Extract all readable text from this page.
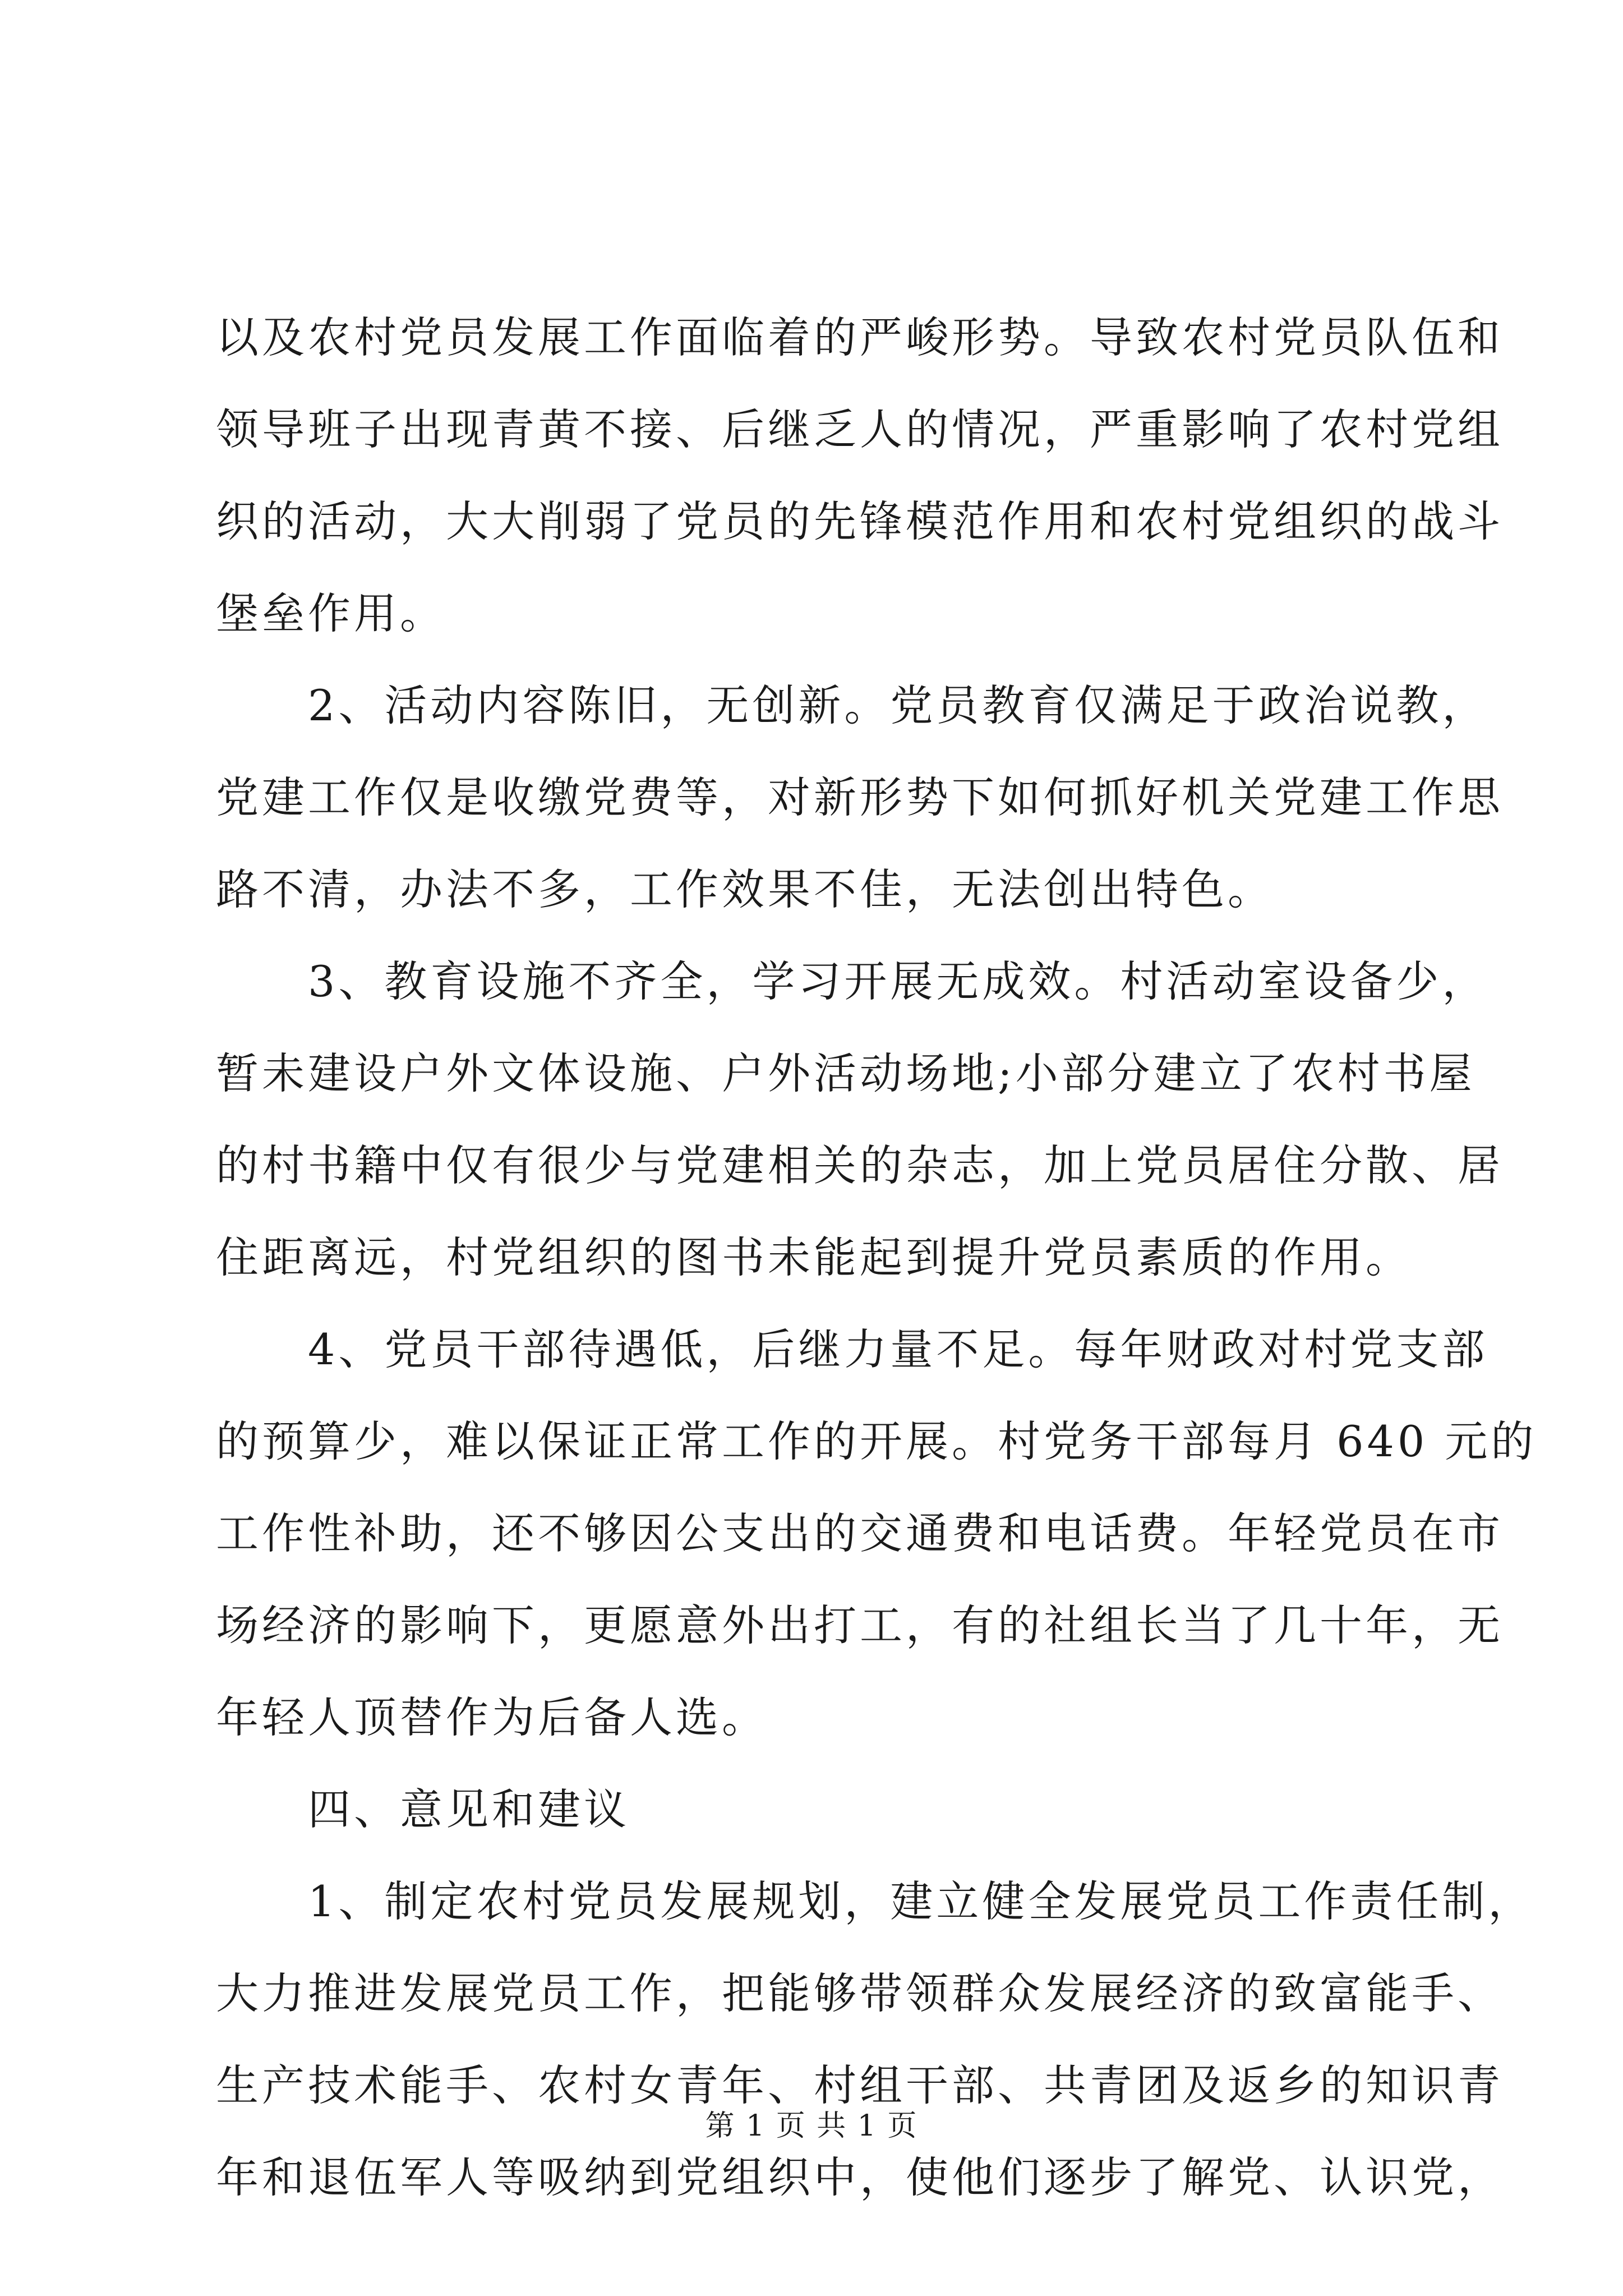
以及农村党员发展工作面临着的严峻形势。导致农村党员队伍和
领导班子出现青黄不接、后继乏人的情况，严重影响了农村党组
织的活动，大大削弱了党员的先锋模范作用和农村党组织的战斗
堡垒作用。
2、活动内容陈旧，无创新。党员教育仅满足于政治说教，
党建工作仅是收缴党费等，对新形势下如何抓好机关党建工作思
路不清，办法不多，工作效果不佳，无法创出特色。
3、教育设施不齐全，学习开展无成效。村活动室设备少，
暂未建设户外文体设施、户外活动场地;小部分建立了农村书屋
的村书籍中仅有很少与党建相关的杂志，加上党员居住分散、居
住距离远，村党组织的图书未能起到提升党员素质的作用。
4、党员干部待遇低，后继力量不足。每年财政对村党支部
的预算少，难以保证正常工作的开展。村党务干部每月 640 元的
工作性补助，还不够因公支出的交通费和电话费。年轻党员在市
场经济的影响下，更愿意外出打工，有的社组长当了几十年，无
年轻人顶替作为后备人选。
四、意见和建议
1、制定农村党员发展规划，建立健全发展党员工作责任制，
大力推进发展党员工作，把能够带领群众发展经济的致富能手、
生产技术能手、农村女青年、村组干部、共青团及返乡的知识青
年和退伍军人等吸纳到党组织中，使他们逐步了解党、认识党，
第 1 页 共 1 页
